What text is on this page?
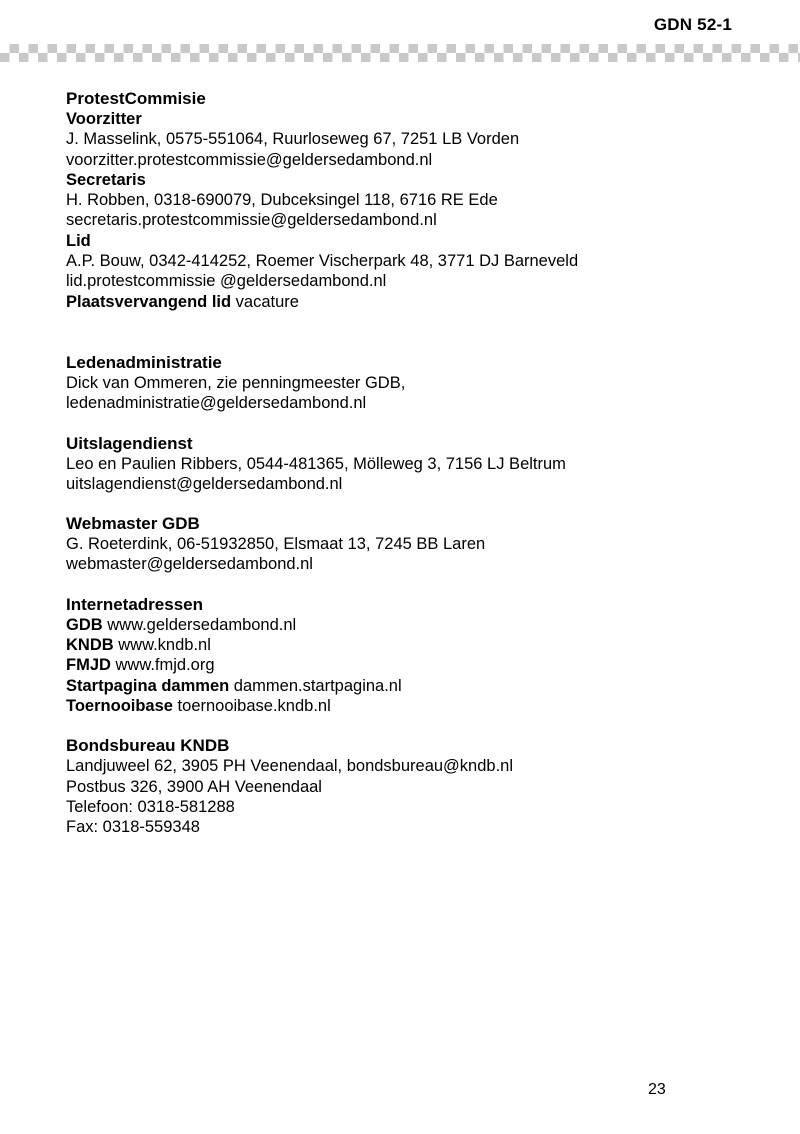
GDN 52-1
ProtestCommisie
Voorzitter
J. Masselink, 0575-551064, Ruurloseweg 67, 7251 LB Vorden
voorzitter.protestcommissie@geldersedambond.nl
Secretaris
H. Robben, 0318-690079, Dubceksingel 118, 6716 RE Ede
secretaris.protestcommissie@geldersedambond.nl
Lid
A.P. Bouw, 0342-414252, Roemer Vischerpark 48, 3771 DJ Barneveld
lid.protestcommissie @geldersedambond.nl
Plaatsvervangend lid vacature
Ledenadministratie
Dick van Ommeren, zie penningmeester GDB,
ledenadministratie@geldersedambond.nl
Uitslagendienst
Leo en Paulien Ribbers, 0544-481365, Mölleweg 3, 7156 LJ Beltrum
uitslagendienst@geldersedambond.nl
Webmaster GDB
G. Roeterdink, 06-51932850, Elsmaat 13, 7245 BB Laren
webmaster@geldersedambond.nl
Internetadressen
GDB www.geldersedambond.nl
KNDB www.kndb.nl
FMJD www.fmjd.org
Startpagina dammen dammen.startpagina.nl
Toernooibase toernooibase.kndb.nl
Bondsbureau KNDB
Landjuweel 62, 3905 PH Veenendaal, bondsbureau@kndb.nl
Postbus 326, 3900 AH Veenendaal
Telefoon: 0318-581288
Fax: 0318-559348
23
